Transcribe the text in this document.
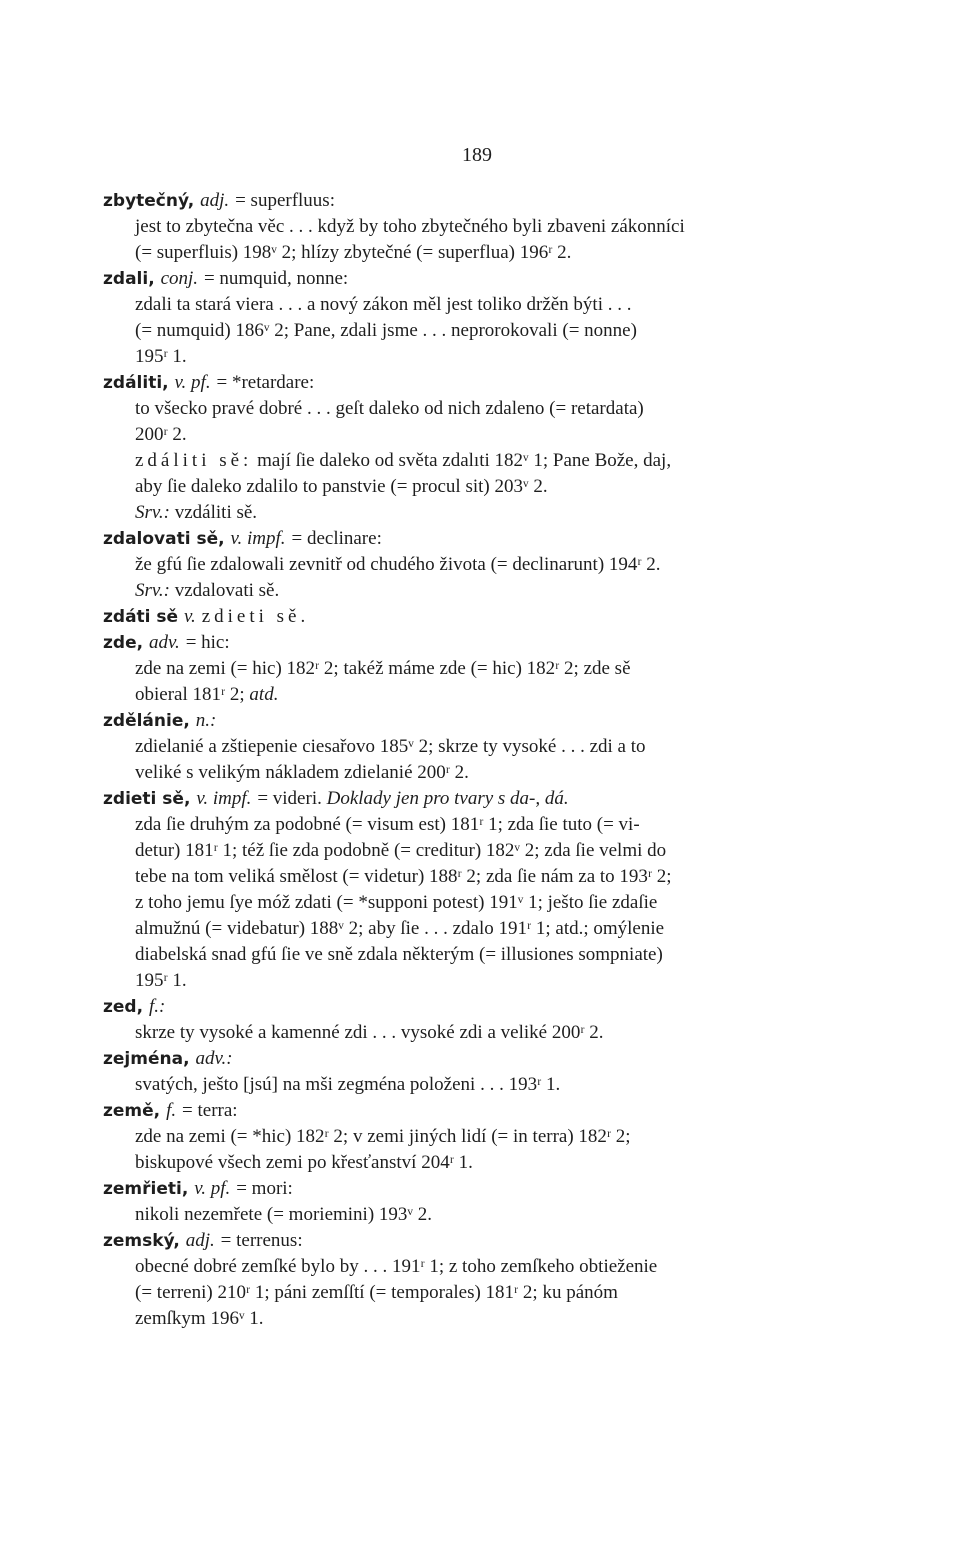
189
zbytečný, adj. = superfluus:
jest to zbytečna věc . . . když by toho zbytečného byli zbaveni zákonníci
(= superfluis) 198ᵛ 2; hlízy zbytečné (= superflua) 196ʳ 2.
zdali, conj. = numquid, nonne:
zdali ta stará viera . . . a nový zákon měl jest toliko držěn býti . . .
(= numquid) 186ᵛ 2; Pane, zdali jsme . . . neprorokovali (= nonne)
195ʳ 1.
zdáliti, v. pf. = *retardare:
to všecko pravé dobré . . . geſt daleko od nich zdaleno (= retardata)
200ʳ 2.
zdáliti sě: mají ſie daleko od světa zdalıti 182ᵛ 1; Pane Bože, daj,
aby ſie daleko zdalilo to panstvie (= procul sit) 203ᵛ 2.
Srv.: vzdáliti sě.
zdalovati sě, v. impf. = declinare:
že gfú ſie zdalowali zevnitř od chudého života (= declinarunt) 194ʳ 2.
Srv.: vzdalovati sě.
zdáti sě v. zdieti sě.
zde, adv. = hic:
zde na zemi (= hic) 182ʳ 2; takéž máme zde (= hic) 182ʳ 2; zde sě
obieral 181ʳ 2; atd.
zdělánie, n.:
zdielanié a zštiepenie ciesařovo 185ᵛ 2; skrze ty vysoké . . . zdi a to
veliké s velikým nákladem zdielanié 200ʳ 2.
zdieti sě, v. impf. = videri. Doklady jen pro tvary s da-, dá.
zda ſie druhým za podobné (= visum est) 181ʳ 1; zda ſie tuto (= vi-
detur) 181ʳ 1; též ſie zda podobně (= creditur) 182ᵛ 2; zda ſie velmi do
tebe na tom veliká smělost (= videtur) 188ʳ 2; zda ſie nám za to 193ʳ 2;
z toho jemu ſye móž zdati (= *supponi potest) 191ᵛ 1; ješto ſie zdaſie
almužnú (= videbatur) 188ᵛ 2; aby ſie . . . zdalo 191ʳ 1; atd.; omýlenie
diabelská snad gfú ſie ve sně zdala některým (= illusiones sompniate)
195ʳ 1.
zed, f.:
skrze ty vysoké a kamenné zdi . . . vysoké zdi a veliké 200ʳ 2.
zejména, adv.:
svatých, ješto [jsú] na mši zegména položeni . . . 193ʳ 1.
země, f. = terra:
zde na zemi (= *hic) 182ʳ 2; v zemi jiných lidí (= in terra) 182ʳ 2;
biskupové všech zemi po křesťanství 204ʳ 1.
zemřieti, v. pf. = mori:
nikoli nezemřete (= moriemini) 193ᵛ 2.
zemský, adj. = terrenus:
obecné dobré zemſké bylo by . . . 191ʳ 1; z toho zemſkeho obtieženie
(= terreni) 210ʳ 1; páni zemſſtí (= temporales) 181ʳ 2; ku pánóm
zemſkym 196ᵛ 1.
